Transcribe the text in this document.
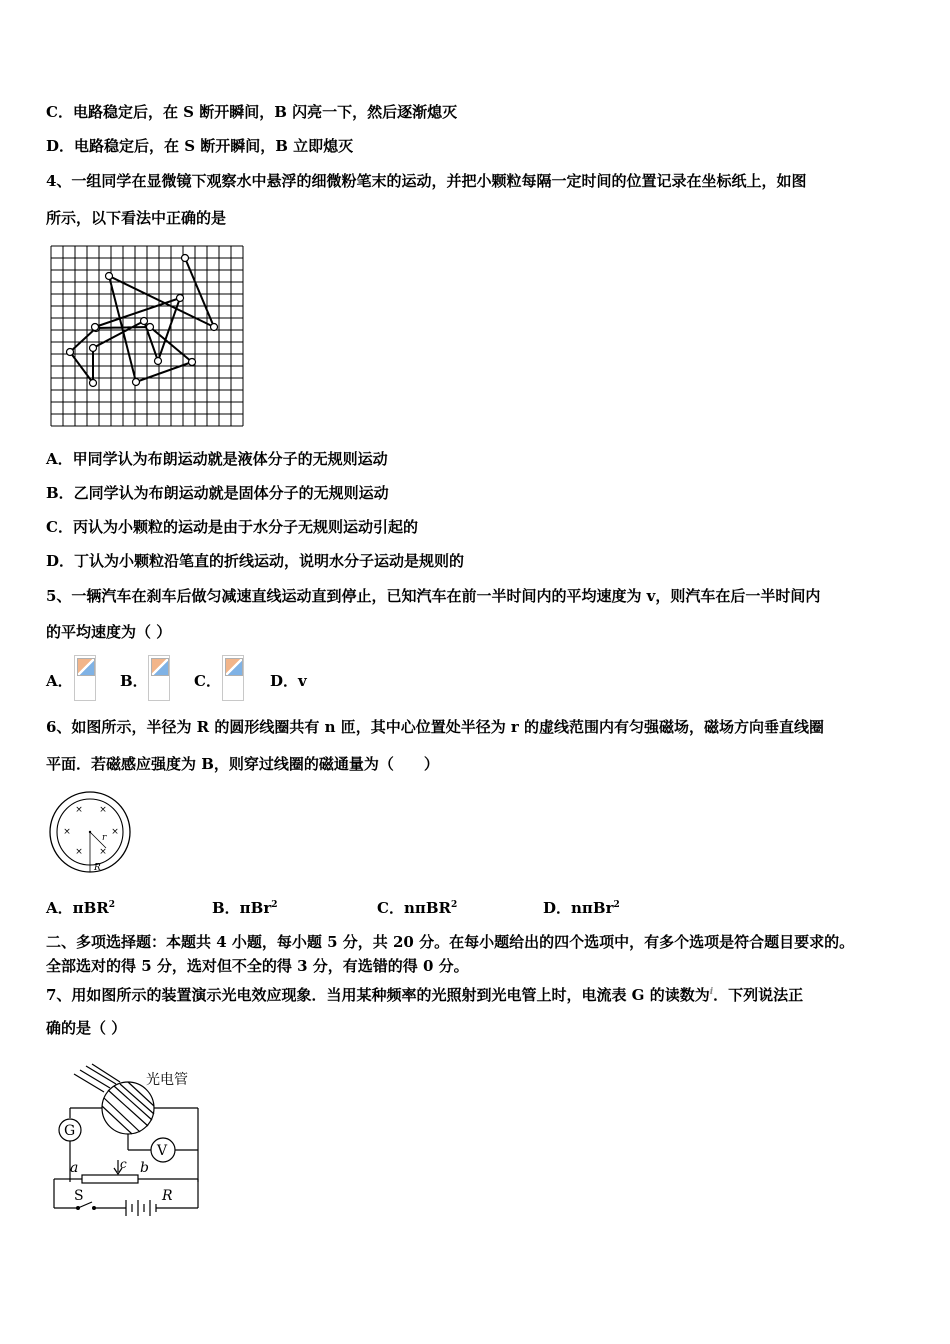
C．电路稳定后，在 S 断开瞬间，B 闪亮一下，然后逐渐熄灭
D．电路稳定后，在 S 断开瞬间，B 立即熄灭
4、一组同学在显微镜下观察水中悬浮的细微粉笔末的运动，并把小颗粒每隔一定时间的位置记录在坐标纸上，如图
所示，以下看法中正确的是
A．甲同学认为布朗运动就是液体分子的无规则运动
B．乙同学认为布朗运动就是固体分子的无规则运动
C．丙认为小颗粒的运动是由于水分子无规则运动引起的
D．丁认为小颗粒沿笔直的折线运动，说明水分子运动是规则的
5、一辆汽车在刹车后做匀减速直线运动直到停止，已知汽车在前一半时间内的平均速度为 v，则汽车在后一半时间内
的平均速度为（ ）
A．	B．	C．	D．v
6、如图所示，半径为 R 的圆形线圈共有 n 匝，其中心位置处半径为 r 的虚线范围内有匀强磁场，磁场方向垂直线圈
平面．若磁感应强度为 B，则穿过线圈的磁通量为（　　）
× ×
×	×
× ×
r
R
A．πBR$^2$	B．πBr$^2$	C．nπBR$^2$	D．nπBr$^2$
二、多项选择题：本题共 4 小题，每小题 5 分，共 20 分。在每小题给出的四个选项中，有多个选项是符合题目要求的。
全部选对的得 5 分，选对但不全的得 3 分，有选错的得 0 分。
7、用如图所示的装置演示光电效应现象．当用某种频率的光照射到光电管上时，电流表 G 的读数为$^i$．下列说法正
确的是（ ）
光电管
G
V
a	b
c
S	R
